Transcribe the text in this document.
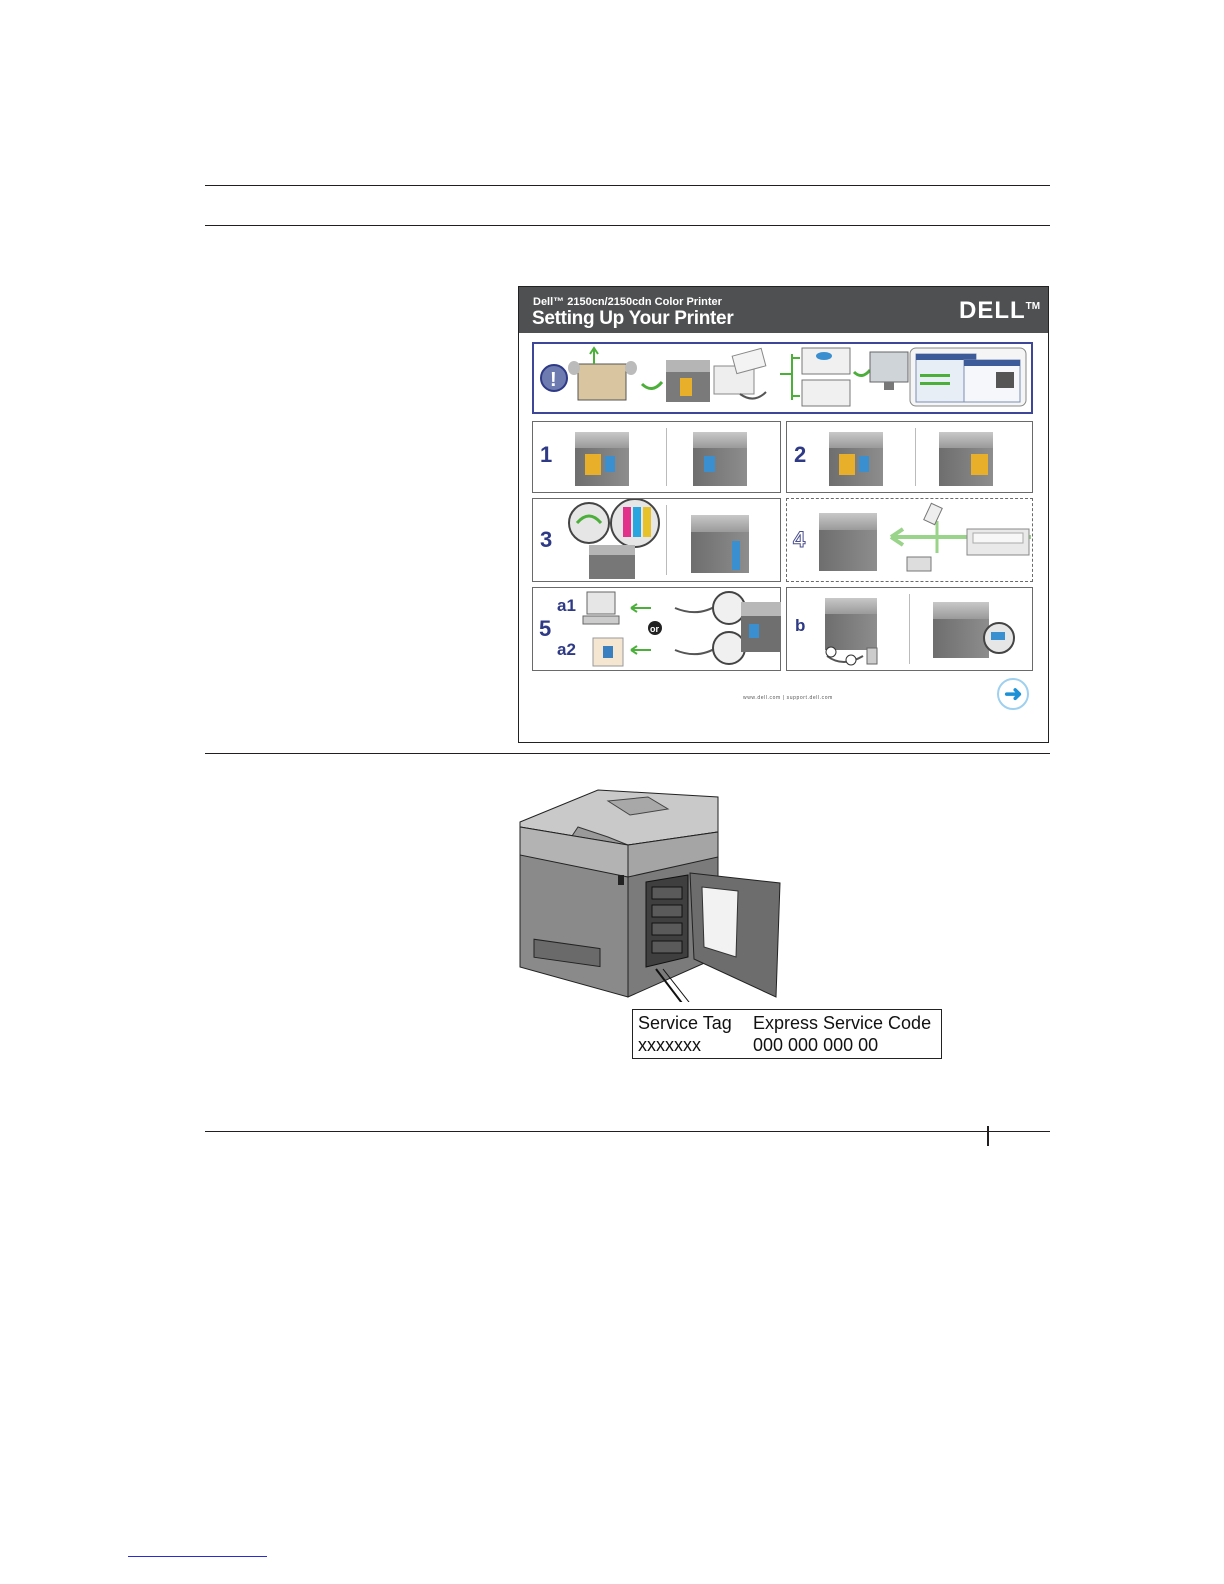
Dell™ 2150cn/2150cdn Color Printer
Setting Up Your Printer	DELL™
!
1	2
3	4
5
a1
a2
or	b
www.dell.com | support.dell.com	➜
Service Tag Express Service Code
xxxxxxx	000 000 000 00
